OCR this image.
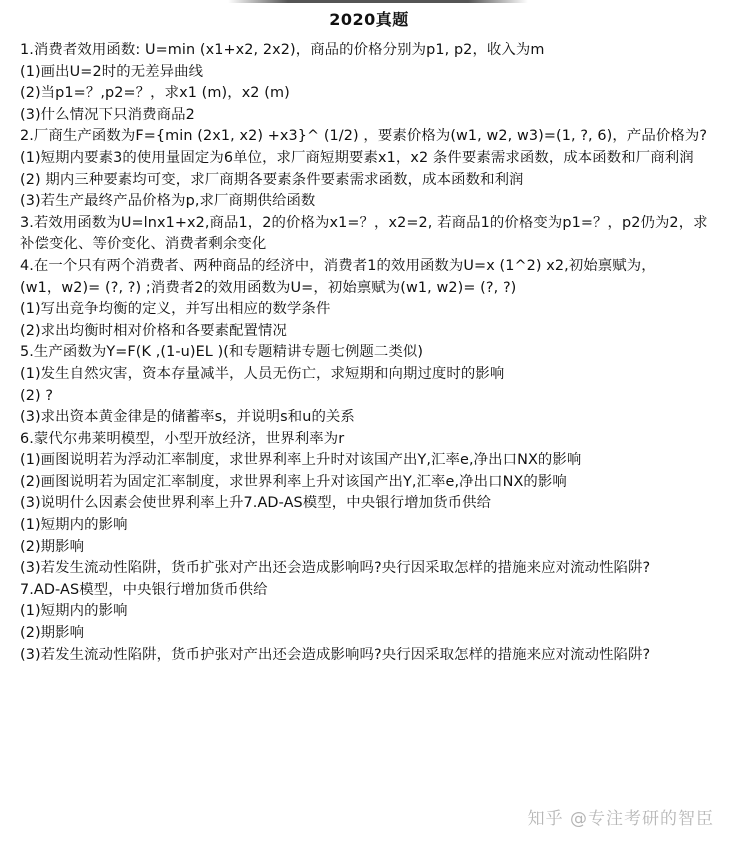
2020真题

1.消费者效用函数: U=min (x1+x2, 2x2)，商品的价格分别为p1, p2，收入为m

(1)画出U=2时的无差异曲线

(2)当p1=？,p2=？，求x1 (m)，x2 (m)

(3)什么情况下只消费商品2

2.厂商生产函数为F={min (2x1, x2) +x3}^ (1/2) ，要素价格为(w1, w2, w3)=(1, ?, 6)，产品价格为?

(1)短期内要素3的使用量固定为6单位，求厂商短期要素x1，x2 条件要素需求函数，成本函数和厂商利润

(2) 期内三种要素均可变，求厂商期各要素条件要素需求函数，成本函数和利润

(3)若生产最终产品价格为p,求厂商期供给函数

3.若效用函数为U=lnx1+x2,商品1，2的价格为x1=？，x2=2, 若商品1的价格变为p1=？，p2仍为2，求补偿变化、等价变化、消费者剩余变化

4.在一个只有两个消费者、两种商品的经济中，消费者1的效用函数为U=x (1^2) x2,初始禀赋为，

(w1，w2)= (?, ?) ;消费者2的效用函数为U=，初始禀赋为(w1, w2)= (?, ?)

(1)写出竞争均衡的定义，并写出相应的数学条件

(2)求出均衡时相对价格和各要素配置情况

5.生产函数为Y=F(K ,(1-u)EL )(和专题精讲专题七例题二类似)

(1)发生自然灾害，资本存量减半，人员无伤亡，求短期和向期过度时的影响

(2) ?

(3)求出资本黄金律是的储蓄率s，并说明s和u的关系

6.蒙代尔弗莱明模型，小型开放经济，世界利率为r

(1)画图说明若为浮动汇率制度，求世界利率上升时对该国产出Y,汇率e,净出口NX的影响

(2)画图说明若为固定汇率制度，求世界利率上升对该国产出Y,汇率e,净出口NX的影响

(3)说明什么因素会使世界利率上升7.AD-AS模型，中央银行增加货币供给

(1)短期内的影响

(2)期影响

(3)若发生流动性陷阱，货币扩张对产出还会造成影响吗?央行因采取怎样的措施来应对流动性陷阱?

7.AD-AS模型，中央银行增加货币供给

(1)短期内的影响

(2)期影响

(3)若发生流动性陷阱，货币护张对产出还会造成影响吗?央行因采取怎样的措施来应对流动性陷阱?

知乎 @专注考研的智臣
